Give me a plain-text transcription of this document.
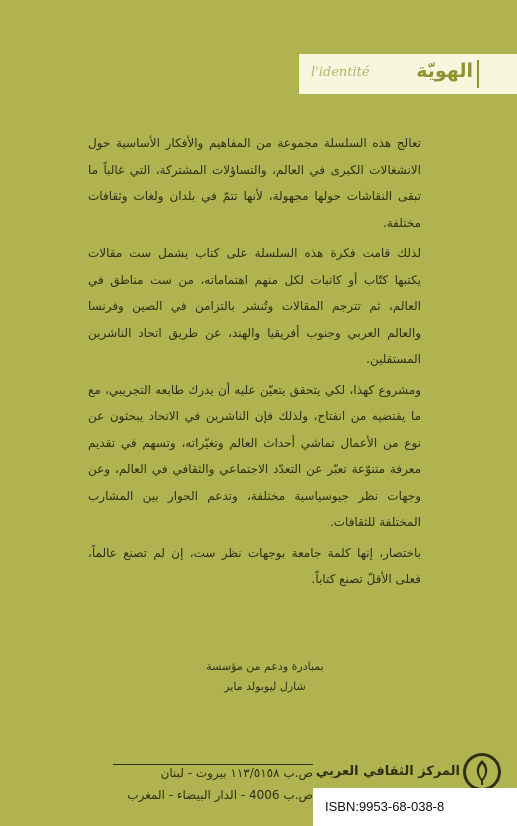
l'identité الهويّة

تعالج هذه السلسلة مجموعة من المفاهيم والأفكار الأساسية حول الانشغالات الكبرى في العالم، والتساؤلات المشتركة، التي غالباً ما تبقى النقاشات حولها مجهولة، لأنها تتمّ في بلدان ولغات وثقافات مختلفة.

لذلك قامت فكرة هذه السلسلة على كتاب يشمل ست مقالات يكتبها كتّاب أو كاتبات لكل منهم اهتماماته، من ست مناطق في العالم، ثم تترجم المقالات وتُنشر بالتزامن في الصين وفرنسا والعالم العربي وجنوب أفريقيا والهند، عن طريق اتحاد الناشرين المستقلين.

ومشروع كهذا، لكي يتحقق يتعيّن عليه أن يدرك طابعه التجريبي، مع ما يقتضيه من انفتاح، ولذلك فإن الناشرين في الاتحاد يبحثون عن نوع من الأعمال تماشي أحداث العالم وتغيّراته، وتسهم في تقديم معرفة متنوّعة تعبّر عن التعدّد الاجتماعي والثقافي في العالم، وعن وجهات نظر جيوسياسية مختلفة، وتدعم الحوار بين المشارب المختلفة للثقافات.

باختصار، إنها كلمة جامعة بوجهات نظر ست، إن لم تصنع عالماً، فعلى الأقلّ تصنع كتاباً.

بمبادرة ودعم من مؤسسة
شارل ليوبولد ماير
ص.ب ١١٣/٥١٥٨ بيروت - لبنان المركز الثقافي العربي
ص.ب 4006 - الدار البيضاء - المغرب
ISBN:9953-68-038-8
